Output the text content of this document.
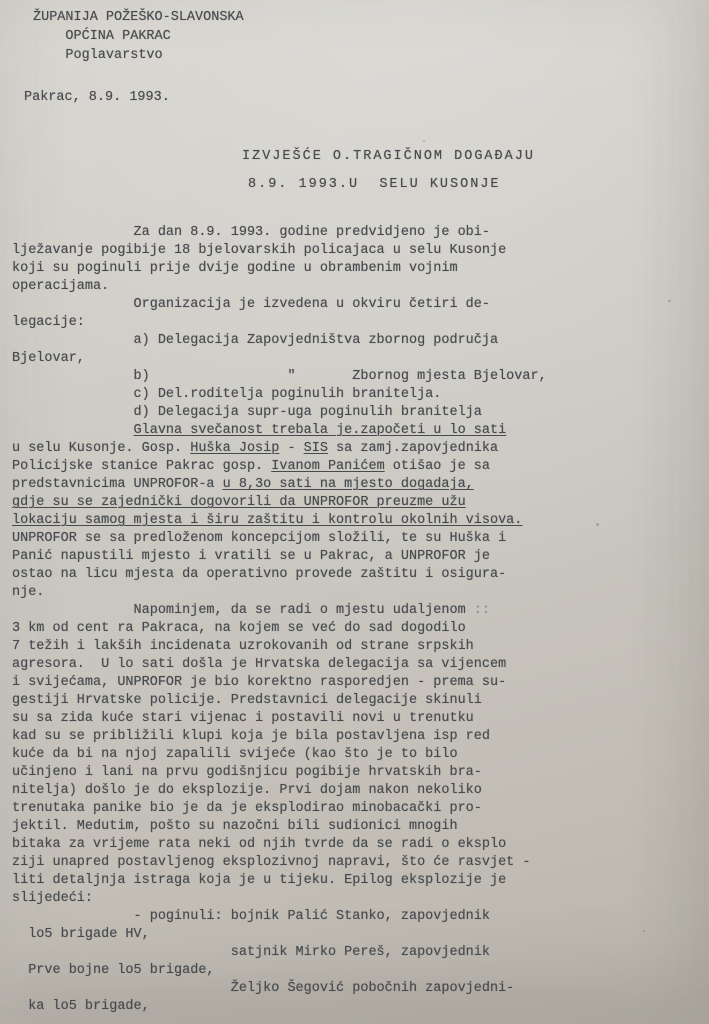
ŽUPANIJA POŽEŠKO-SLAVONSKA
OPĆINA PAKRAC
Poglavarstvo
Pakrac, 8.9. 1993.
IZVJEŠĆE O.TRAGIČNOM DOGAĐAJU
8.9. 1993.U  SELU KUSONJE
Za dan 8.9. 1993. godine predvidjeno je obi-
lježavanje pogibije 18 bjelovarskih policajaca u selu Kusonje
koji su poginuli prije dvije godine u obrambenim vojnim
operacijama.
Organizacija je izvedena u okviru četiri de-
legacije:
a) Delegacija Zapovjedništva zbornog područja
Bjelovar,
b)                 "       Zbornog mjesta Bjelovar,
c) Del.roditelja poginulih branitelja.
d) Delegacija supr-uga poginulih branitelja
Glavna svečanost trebala je.započeti u lo sati
u selu Kusonje. Gosp. Huška Josip - SIS sa zamj.zapovjednika
Policijske stanice Pakrac gosp. Ivanom Panićem otišao je sa
predstavnicima UNPROFOR-a u 8,3o sati na mjesto dogadaja,
gdje su se zajednički dogovorili da UNPROFOR preuzme užu
lokaciju samog mjesta i širu zaštitu i kontrolu okolnih visova.
UNPROFOR se sa predloženom koncepcijom složili, te su Huška i
Panić napustili mjesto i vratili se u Pakrac, a UNPROFOR je
ostao na licu mjesta da operativno provede zaštitu i osigura-
nje.
Napominjem, da se radi o mjestu udaljenom ::
3 km od cent ra Pakraca, na kojem se već do sad dogodilo
7 težih i lakših incidenata uzrokovanih od strane srpskih
agresora.  U lo sati došla je Hrvatska delegacija sa vijencem
i svijećama, UNPROFOR je bio korektno rasporedjen - prema su-
gestiji Hrvatske policije. Predstavnici delegacije skinuli
su sa zida kuće stari vijenac i postavili novi u trenutku
kad su se približili klupi koja je bila postavljena isp red
kuće da bi na njoj zapalili svijeće (kao što je to bilo
učinjeno i lani na prvu godišnjicu pogibije hrvatskih bra-
nitelja) došlo je do eksplozije. Prvi dojam nakon nekoliko
trenutaka panike bio je da je eksplodirao minobacački pro-
jektil. Medutim, pošto su nazočni bili sudionici mnogih
bitaka za vrijeme rata neki od njih tvrde da se radi o eksplo
ziji unapred postavljenog eksplozivnoj napravi, što će rasvjet -
liti detaljnja istraga koja je u tijeku. Epilog eksplozije je
slijedeći:
- poginuli: bojnik Palić Stanko, zapovjednik
lo5 brigade HV,
satjnik Mirko Pereš, zapovjednik
Prve bojne lo5 brigade,
Željko Šegović pobočnih zapovjedni-
ka lo5 brigade,
